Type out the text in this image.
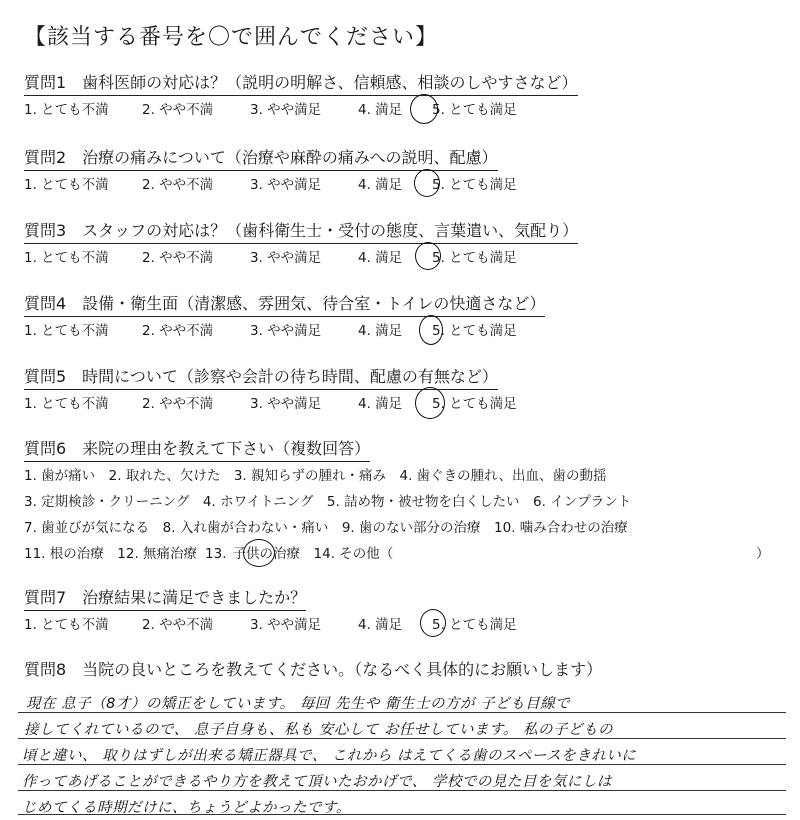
【該当する番号を〇で囲んでください】
質問1　歯科医師の対応は？（説明の明解さ、信頼感、相談のしやすさなど）
1. とても不満 2. やや不満	3. やや満足	4. 満足 5. とても満足
質問2　治療の痛みについて（治療や麻酔の痛みへの説明、配慮）
1. とても不満 2. やや不満	3. やや満足	4. 満足 5. とても満足
質問3　スタッフの対応は？（歯科衛生士・受付の態度、言葉遣い、気配り）
1. とても不満 2. やや不満	3. やや満足	4. 満足 5. とても満足
質問4　設備・衛生面（清潔感、雰囲気、待合室・トイレの快適さなど）
1. とても不満 2. やや不満	3. やや満足	4. 満足 5. とても満足
質問5　時間について（診察や会計の待ち時間、配慮の有無など）
1. とても不満 2. やや不満	3. やや満足	4. 満足 5. とても満足
質問6　来院の理由を教えて下さい（複数回答）
1. 歯が痛い　2. 取れた、欠けた　3. 親知らずの腫れ・痛み　4. 歯ぐきの腫れ、出血、歯の動揺
3. 定期検診・クリーニング　4. ホワイトニング　5. 詰め物・被せ物を白くしたい　6. インプラント
7. 歯並びが気になる　8. 入れ歯が合わない・痛い　9. 歯のない部分の治療　10. 噛み合わせの治療
11. 根の治療　12. 無痛治療 13. 子供の治療　14. その他（	）
質問7　治療結果に満足できましたか？
1. とても不満 2. やや不満	3. やや満足	4. 満足 5. とても満足
質問8　当院の良いところを教えてください。（なるべく具体的にお願いします）
現在 息子（8才）の矯正をしています。 毎回 先生や 衛生士の方が 子ども目線で
接してくれているので、 息子自身も、私も 安心して お任せしています。 私の子どもの
頃と違い、 取りはずしが出来る矯正器具で、 これから はえてくる歯のスペースをきれいに
作ってあげることができるやり方を教えて頂いたおかげで、 学校での見た目を気にしは
じめてくる時期だけに、ちょうどよかったです。
